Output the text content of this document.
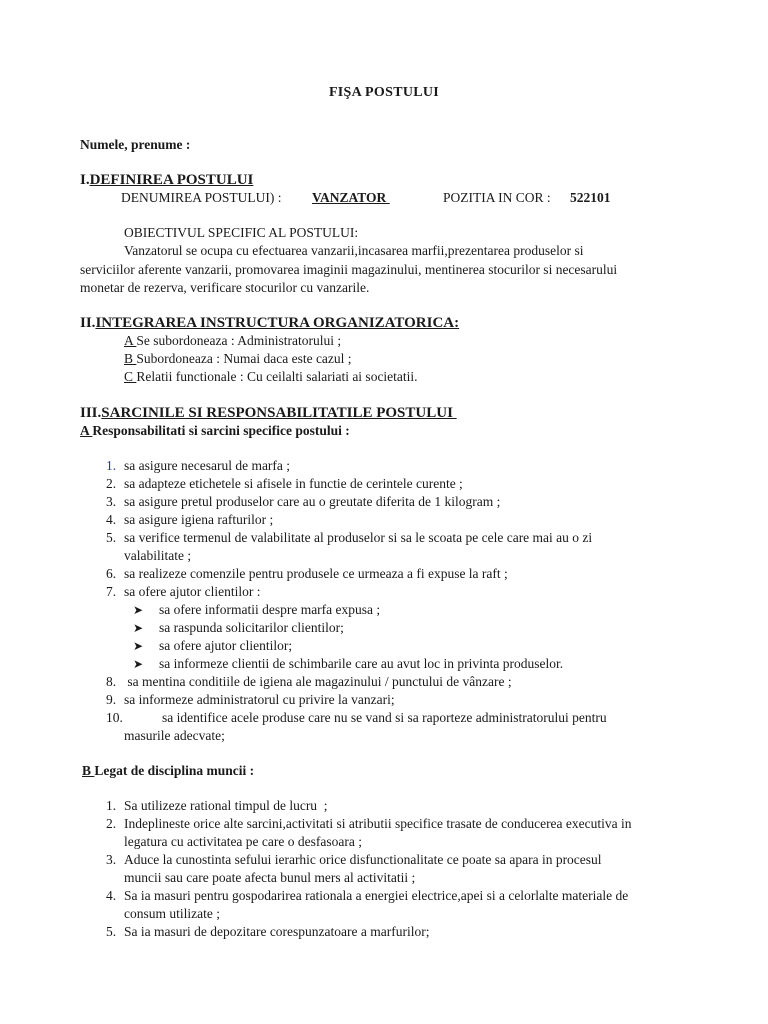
FIŞA POSTULUI
Numele, prenume :
I.DEFINIREA POSTULUI
DENUMIREA POSTULUI) : VANZATOR	POZITIA IN COR : 522101
OBIECTIVUL SPECIFIC AL POSTULUI:
Vanzatorul se ocupa cu efectuarea vanzarii,incasarea marfii,prezentarea produselor si
serviciilor aferente vanzarii, promovarea imaginii magazinului, mentinerea stocurilor si necesarului
monetar de rezerva, verificare stocurilor cu vanzarile.
II.INTEGRAREA INSTRUCTURA ORGANIZATORICA:
A Se subordoneaza : Administratorului ;
B Subordoneaza : Numai daca este cazul ;
C Relatii functionale : Cu ceilalti salariati ai societatii.
III.SARCINILE SI RESPONSABILITATILE POSTULUI
A Responsabilitati si sarcini specifice postului :
1. sa asigure necesarul de marfa ;
2. sa adapteze etichetele si afisele in functie de cerintele curente ;
3. sa asigure pretul produselor care au o greutate diferita de 1 kilogram ;
4. sa asigure igiena rafturilor ;
5. sa verifice termenul de valabilitate al produselor si sa le scoata pe cele care mai au o zi
valabilitate ;
6. sa realizeze comenzile pentru produsele ce urmeaza a fi expuse la raft ;
7. sa ofere ajutor clientilor :
➤ sa ofere informatii despre marfa expusa ;
➤ sa raspunda solicitarilor clientilor;
➤ sa ofere ajutor clientilor;
➤ sa informeze clientii de schimbarile care au avut loc in privinta produselor.
8. sa mentina conditiile de igiena ale magazinului / punctului de vânzare ;
9. sa informeze administratorul cu privire la vanzari;
10.	sa identifice acele produse care nu se vand si sa raporteze administratorului pentru
masurile adecvate;
B Legat de disciplina muncii :
1. Sa utilizeze rational timpul de lucru  ;
2. Indeplineste orice alte sarcini,activitati si atributii specifice trasate de conducerea executiva in
legatura cu activitatea pe care o desfasoara ;
3. Aduce la cunostinta sefului ierarhic orice disfunctionalitate ce poate sa apara in procesul
muncii sau care poate afecta bunul mers al activitatii ;
4. Sa ia masuri pentru gospodarirea rationala a energiei electrice,apei si a celorlalte materiale de
consum utilizate ;
5. Sa ia masuri de depozitare corespunzatoare a marfurilor;
